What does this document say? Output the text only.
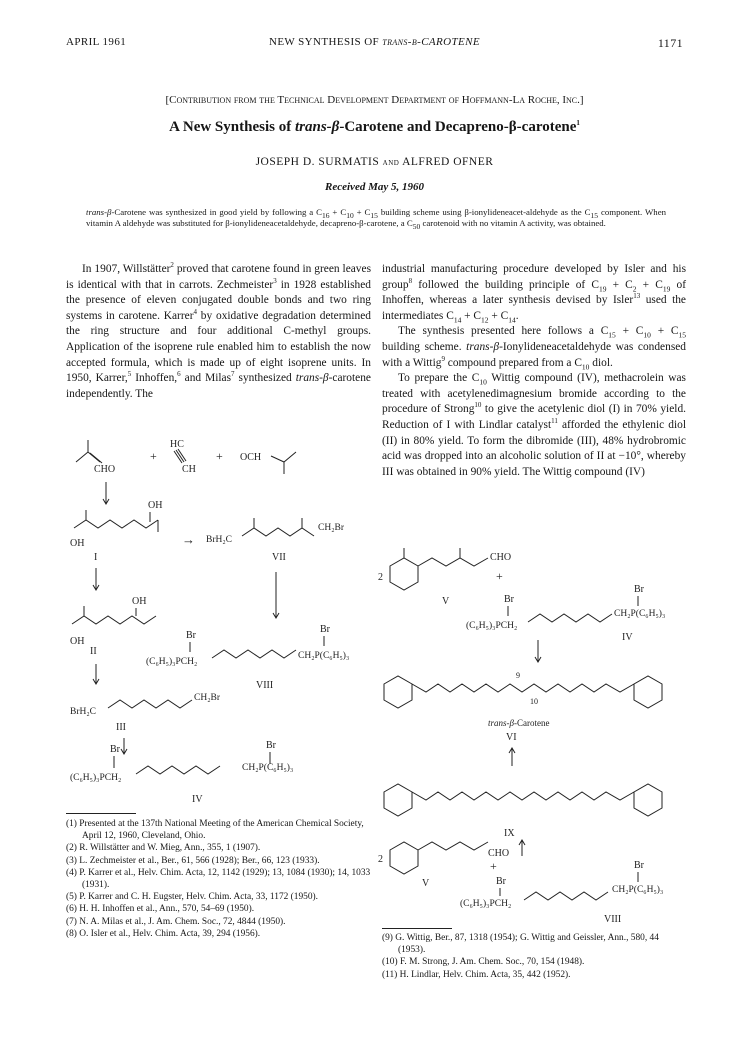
APRIL 1961	NEW SYNTHESIS OF trans-β-CAROTENE	1171
[Contribution from the Technical Development Department of Hoffmann-La Roche, Inc.]
A New Synthesis of trans-β-Carotene and Decapreno-β-carotene$^1$
JOSEPH D. SURMATIS and ALFRED OFNER
Received May 5, 1960
trans-β-Carotene was synthesized in good yield by following a $C_{16} + C_{10} + C_{15}$ building scheme using β-ionylideneacet-aldehyde as the $C_{15}$ component. When vitamin A aldehyde was substituted for β-ionylideneacetaldehyde, decapreno-β-carotene, a $C_{50}$ carotenoid with no vitamin A activity, was obtained.

In 1907, Willstätter$^2$ proved that carotene found in green leaves is identical with that in carrots. Zechmeister$^3$ in 1928 established the presence of eleven conjugated double bonds and two ring systems in carotene. Karrer$^4$ by oxidative degradation determined the ring structure and four additional C-methyl groups. Application of the isoprene rule enabled him to establish the now accepted formula, which is made up of eight isoprene units. In 1950, Karrer,$^5$ Inhoffen,$^6$ and Milas$^7$ synthesized trans-β-carotene independently. The

industrial manufacturing procedure developed by Isler and his group$^8$ followed the building principle of $C_{19} + C_2 + C_{19}$ of Inhoffen, whereas a later synthesis devised by Isler$^{13}$ used the intermediates $C_{14} + C_{12} + C_{14}$.

The synthesis presented here follows a $C_{15} + C_{10} + C_{15}$ building scheme. trans-β-Ionylideneacetaldehyde was condensed with a Wittig$^9$ compound prepared from a $C_{10}$ diol.

To prepare the $C_{10}$ Wittig compound (IV), methacrolein was treated with acetylenedimagnesium bromide according to the procedure of Strong$^{10}$ to give the acetylenic diol (I) in 70% yield. Reduction of I with Lindlar catalyst$^{11}$ afforded the ethylenic diol (II) in 80% yield. To form the dibromide (III), 48% hydrobromic acid was dropped into an alcoholic solution of II at −10°, whereby III was obtained in 90% yield. The Wittig compound (IV)

CHO
+
HC
CH
+ OCH
OH
OH
I
→ BrH₂C
CH₂Br
VII
OH
OH
II
Br
(C₆H₅)₃PCH₂
Br
CH₂P(C₆H₅)₃
VIII
BrH₂C
CH₂Br
III
Br
(C₆H₅)₃PCH₂
Br
CH₂P(C₆H₅)₃
IV
2
CHO
V
+
Br
(C₆H₅)₃PCH₂
Br
CH₂P(C₆H₅)₃
IV
9
10
trans-β-Carotene
VI
IX
2
CHO
+
V	Br
(C₆H₅)₃PCH₂
Br
CH₂P(C₆H₅)₃
VIII
(1) Presented at the 137th National Meeting of the American Chemical Society, April 12, 1960, Cleveland, Ohio.
(2) R. Willstätter and W. Mieg, Ann., 355, 1 (1907).
(3) L. Zechmeister et al., Ber., 61, 566 (1928); Ber., 66, 123 (1933).
(4) P. Karrer et al., Helv. Chim. Acta, 12, 1142 (1929); 13, 1084 (1930); 14, 1033 (1931).
(5) P. Karrer and C. H. Eugster, Helv. Chim. Acta, 33, 1172 (1950).
(6) H. H. Inhoffen et al., Ann., 570, 54–69 (1950).
(7) N. A. Milas et al., J. Am. Chem. Soc., 72, 4844 (1950).
(8) O. Isler et al., Helv. Chim. Acta, 39, 294 (1956).	(9) G. Wittig, Ber., 87, 1318 (1954); G. Wittig and Geissler, Ann., 580, 44 (1953).
(10) F. M. Strong, J. Am. Chem. Soc., 70, 154 (1948).
(11) H. Lindlar, Helv. Chim. Acta, 35, 442 (1952).
